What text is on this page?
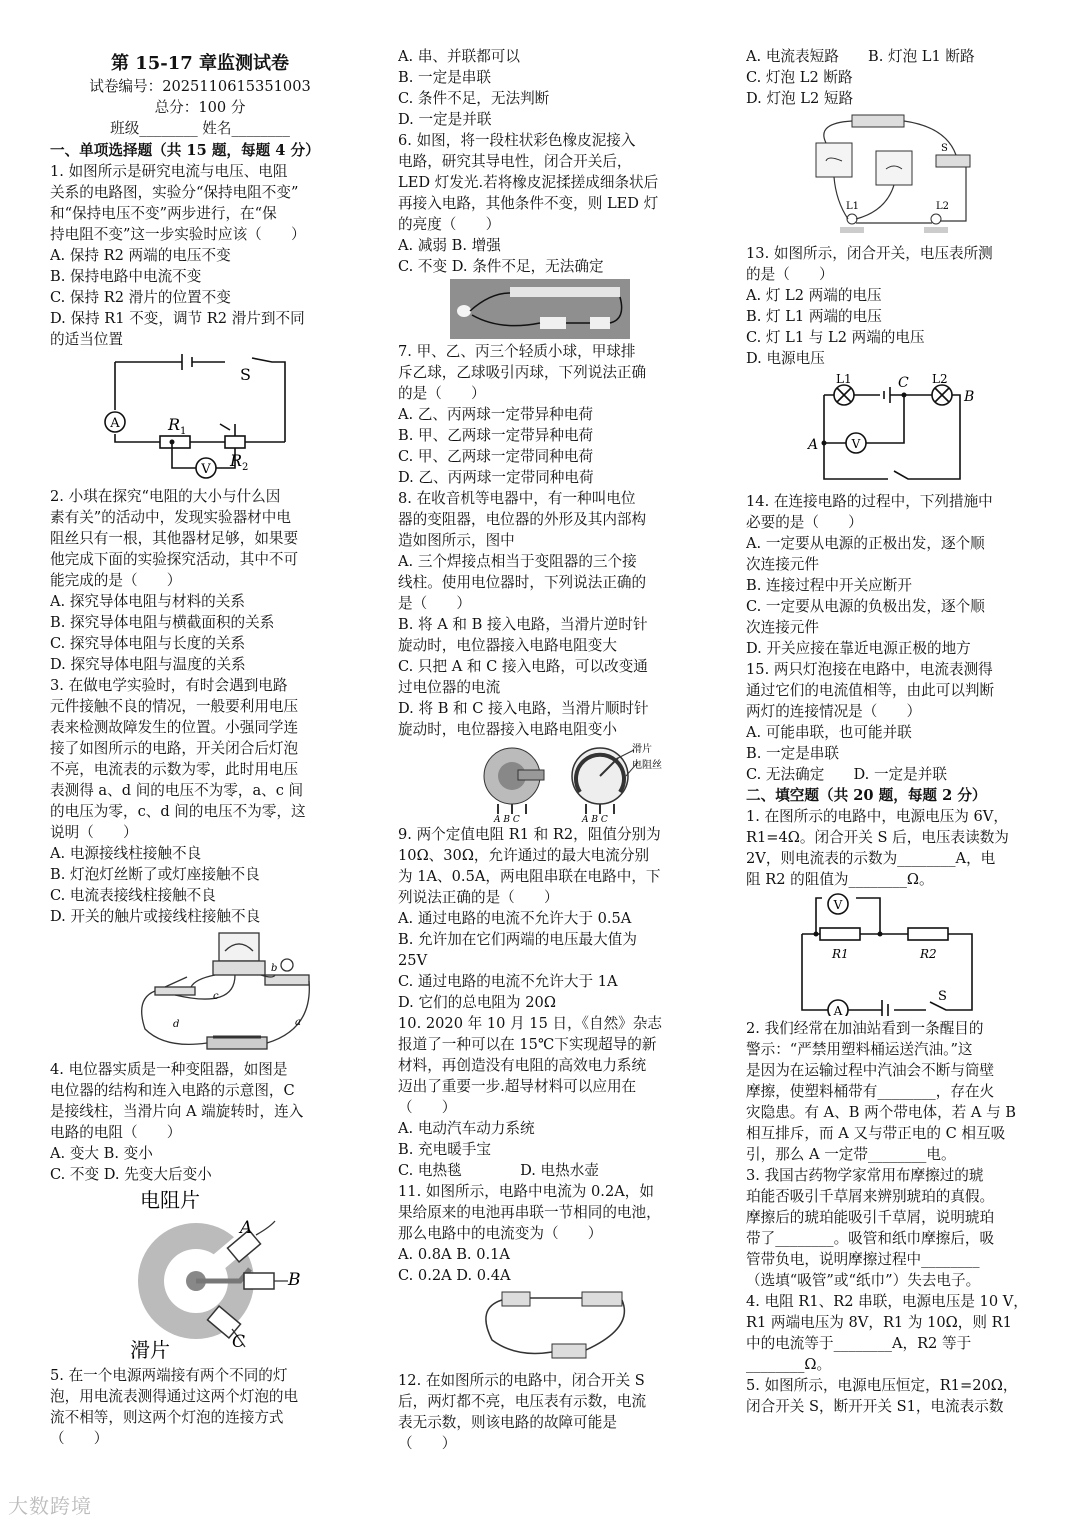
第 15-17 章监测试卷
试卷编号：2025110615351003
总分：100 分
班级________ 姓名________
一、单项选择题（共 15 题，每题 4 分）
1. 如图所示是研究电流与电压、电阻
关系的电路图，实验分“保持电阻不变”
和“保持电压不变”两步进行，在“保
持电阻不变”这一步实验时应该（　　）
A. 保持 R2 两端的电压不变
B. 保持电路中电流不变
C. 保持 R2 滑片的位置不变
D. 保持 R1 不变，调节 R2 滑片到不同
的适当位置
A
V
S
R 1
R 2
2. 小琪在探究“电阻的大小与什么因
素有关”的活动中，发现实验器材中电
阻丝只有一根，其他器材足够，如果要
他完成下面的实验探究活动，其中不可
能完成的是（　　）
A. 探究导体电阻与材料的关系
B. 探究导体电阻与横截面积的关系
C. 探究导体电阻与长度的关系
D. 探究导体电阻与温度的关系
3. 在做电学实验时，有时会遇到电路
元件接触不良的情况，一般要利用电压
表来检测故障发生的位置。小强同学连
接了如图所示的电路，开关闭合后灯泡
不亮，电流表的示数为零，此时用电压
表测得 a、d 间的电压不为零，a、c 间
的电压为零，c、d 间的电压不为零，这
说明（　　）
A. 电源接线柱接触不良
B. 灯泡灯丝断了或灯座接触不良
C. 电流表接线柱接触不良
D. 开关的触片或接线柱接触不良
c
b
d	a
4. 电位器实质是一种变阻器，如图是
电位器的结构和连入电路的示意图，C
是接线柱，当滑片向 A 端旋转时，连入
电路的电阻（　　）
A. 变大 B. 变小
C. 不变 D. 先变大后变小
电阻片
滑片
A
B
C
5. 在一个电源两端接有两个不同的灯
泡，用电流表测得通过这两个灯泡的电
流不相等，则这两个灯泡的连接方式
（　　）
A. 串、并联都可以
B. 一定是串联
C. 条件不足，无法判断
D. 一定是并联
6. 如图，将一段柱状彩色橡皮泥接入
电路，研究其导电性，闭合开关后，
LED 灯发光.若将橡皮泥揉搓成细条状后
再接入电路，其他条件不变，则 LED 灯
的亮度（　　）
A. 减弱 B. 增强
C. 不变 D. 条件不足，无法确定
7. 甲、乙、丙三个轻质小球，甲球排
斥乙球，乙球吸引丙球，下列说法正确
的是（　　）
A. 乙、丙两球一定带异种电荷
B. 甲、乙两球一定带异种电荷
C. 甲、乙两球一定带同种电荷
D. 乙、丙两球一定带同种电荷
8. 在收音机等电器中，有一种叫电位
器的变阻器，电位器的外形及其内部构
造如图所示，图中
A. 三个焊接点相当于变阻器的三个接
线柱。使用电位器时，下列说法正确的
是（　　）
B. 将 A 和 B 接入电路，当滑片逆时针
旋动时，电位器接入电路电阻变大
C. 只把 A 和 C 接入电路，可以改变通
过电位器的电流
D. 将 B 和 C 接入电路，当滑片顺时针
旋动时，电位器接入电路电阻变小
滑片
电阻丝
A B C	A B C
9. 两个定值电阻 R1 和 R2，阻值分别为
10Ω、30Ω，允许通过的最大电流分别
为 1A、0.5A，两电阻串联在电路中，下
列说法正确的是（　　）
A. 通过电路的电流不允许大于 0.5A
B. 允许加在它们两端的电压最大值为
25V
C. 通过电路的电流不允许大于 1A
D. 它们的总电阻为 20Ω
10. 2020 年 10 月 15 日，《自然》杂志
报道了一种可以在 15℃下实现超导的新
材料，再创造没有电阻的高效电力系统
迈出了重要一步.超导材料可以应用在
（　　）
A. 电动汽车动力系统
B. 充电暖手宝
C. 电热毯　　　　D. 电热水壶
11. 如图所示，电路中电流为 0.2A，如
果给原来的电池再串联一节相同的电池，
那么电路中的电流变为（　　）
A. 0.8A B. 0.1A
C. 0.2A D. 0.4A
12. 在如图所示的电路中，闭合开关 S
后，两灯都不亮，电压表有示数，电流
表无示数，则该电路的故障可能是
（　　）
A. 电流表短路　　B. 灯泡 L1 断路
C. 灯泡 L2 断路
D. 灯泡 L2 短路
S
L1	L2
13. 如图所示，闭合开关，电压表所测
的是（　　）
A. 灯 L2 两端的电压
B. 灯 L1 两端的电压
C. 灯 L1 与 L2 两端的电压
D. 电源电压
V
L1	L2
C
B
A
14. 在连接电路的过程中，下列措施中
必要的是（　　）
A. 一定要从电源的正极出发，逐个顺
次连接元件
B. 连接过程中开关应断开
C. 一定要从电源的负极出发，逐个顺
次连接元件
D. 开关应接在靠近电源正极的地方
15. 两只灯泡接在电路中，电流表测得
通过它们的电流值相等，由此可以判断
两灯的连接情况是（　　）
A. 可能串联，也可能并联
B. 一定是串联
C. 无法确定　　D. 一定是并联
二、填空题（共 20 题，每题 2 分）
1. 在图所示的电路中，电源电压为 6V，
R1=4Ω。闭合开关 S 后，电压表读数为
2V，则电流表的示数为________A，电
阻 R2 的阻值为________Ω。
V
A
R1	R2
S
2. 我们经常在加油站看到一条醒目的
警示：“严禁用塑料桶运送汽油。”这
是因为在运输过程中汽油会不断与筒壁
摩擦，使塑料桶带有________，存在火
灾隐患。有 A、B 两个带电体，若 A 与 B
相互排斥，而 A 又与带正电的 C 相互吸
引，那么 A 一定带________电。
3. 我国古药物学家常用布摩擦过的琥
珀能否吸引千草屑来辨别琥珀的真假。
摩擦后的琥珀能吸引千草屑，说明琥珀
带了________。吸管和纸巾摩擦后，吸
管带负电，说明摩擦过程中________
（选填“吸管”或“纸巾”）失去电子。
4. 电阻 R1、R2 串联，电源电压是 10 V，
R1 两端电压为 8V，R1 为 10Ω，则 R1
中的电流等于________A，R2 等于
________Ω。
5. 如图所示，电源电压恒定，R1=20Ω，
闭合开关 S，断开开关 S1，电流表示数
大数跨境
